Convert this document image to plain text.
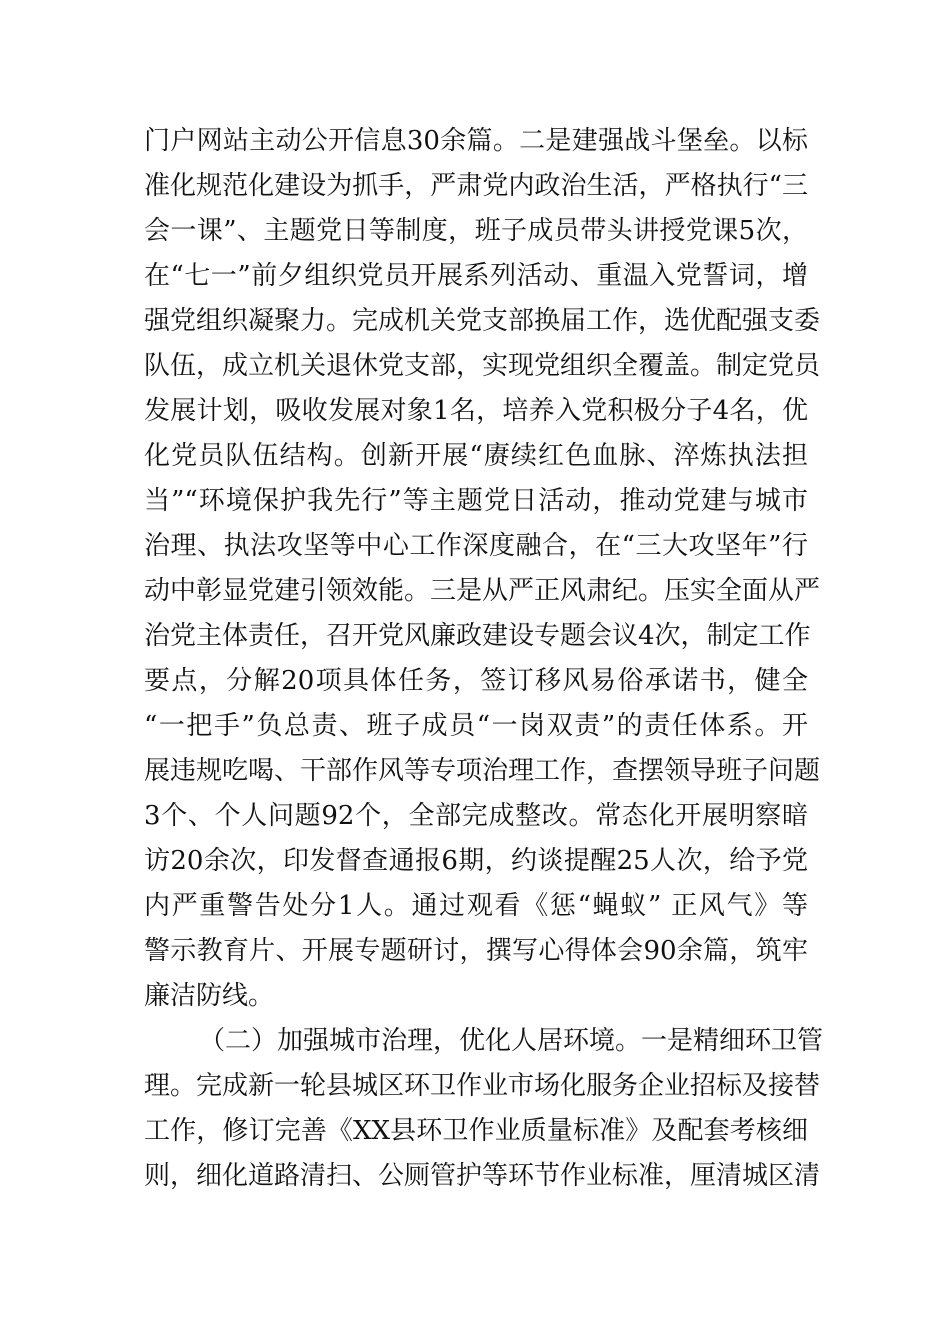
门户网站主动公开信息30余篇。二是建强战斗堡垒。以标
准化规范化建设为抓手，严肃党内政治生活，严格执行“三
会一课”、主题党日等制度，班子成员带头讲授党课5次，
在“七一”前夕组织党员开展系列活动、重温入党誓词，增
强党组织凝聚力。完成机关党支部换届工作，选优配强支委
队伍，成立机关退休党支部，实现党组织全覆盖。制定党员
发展计划，吸收发展对象1名，培养入党积极分子4名，优
化党员队伍结构。创新开展“赓续红色血脉、淬炼执法担
当”“环境保护我先行”等主题党日活动，推动党建与城市
治理、执法攻坚等中心工作深度融合，在“三大攻坚年”行
动中彰显党建引领效能。三是从严正风肃纪。压实全面从严
治党主体责任，召开党风廉政建设专题会议4次，制定工作
要点，分解20项具体任务，签订移风易俗承诺书，健全
“一把手”负总责、班子成员“一岗双责”的责任体系。开
展违规吃喝、干部作风等专项治理工作，查摆领导班子问题
3个、个人问题92个，全部完成整改。常态化开展明察暗
访20余次，印发督查通报6期，约谈提醒25人次，给予党
内严重警告处分1人。通过观看《惩“蝇蚁” 正风气》等
警示教育片、开展专题研讨，撰写心得体会90余篇，筑牢
廉洁防线。
（二）加强城市治理，优化人居环境。一是精细环卫管
理。完成新一轮县城区环卫作业市场化服务企业招标及接替
工作，修订完善《XX县环卫作业质量标准》及配套考核细
则，细化道路清扫、公厕管护等环节作业标准，厘清城区清
